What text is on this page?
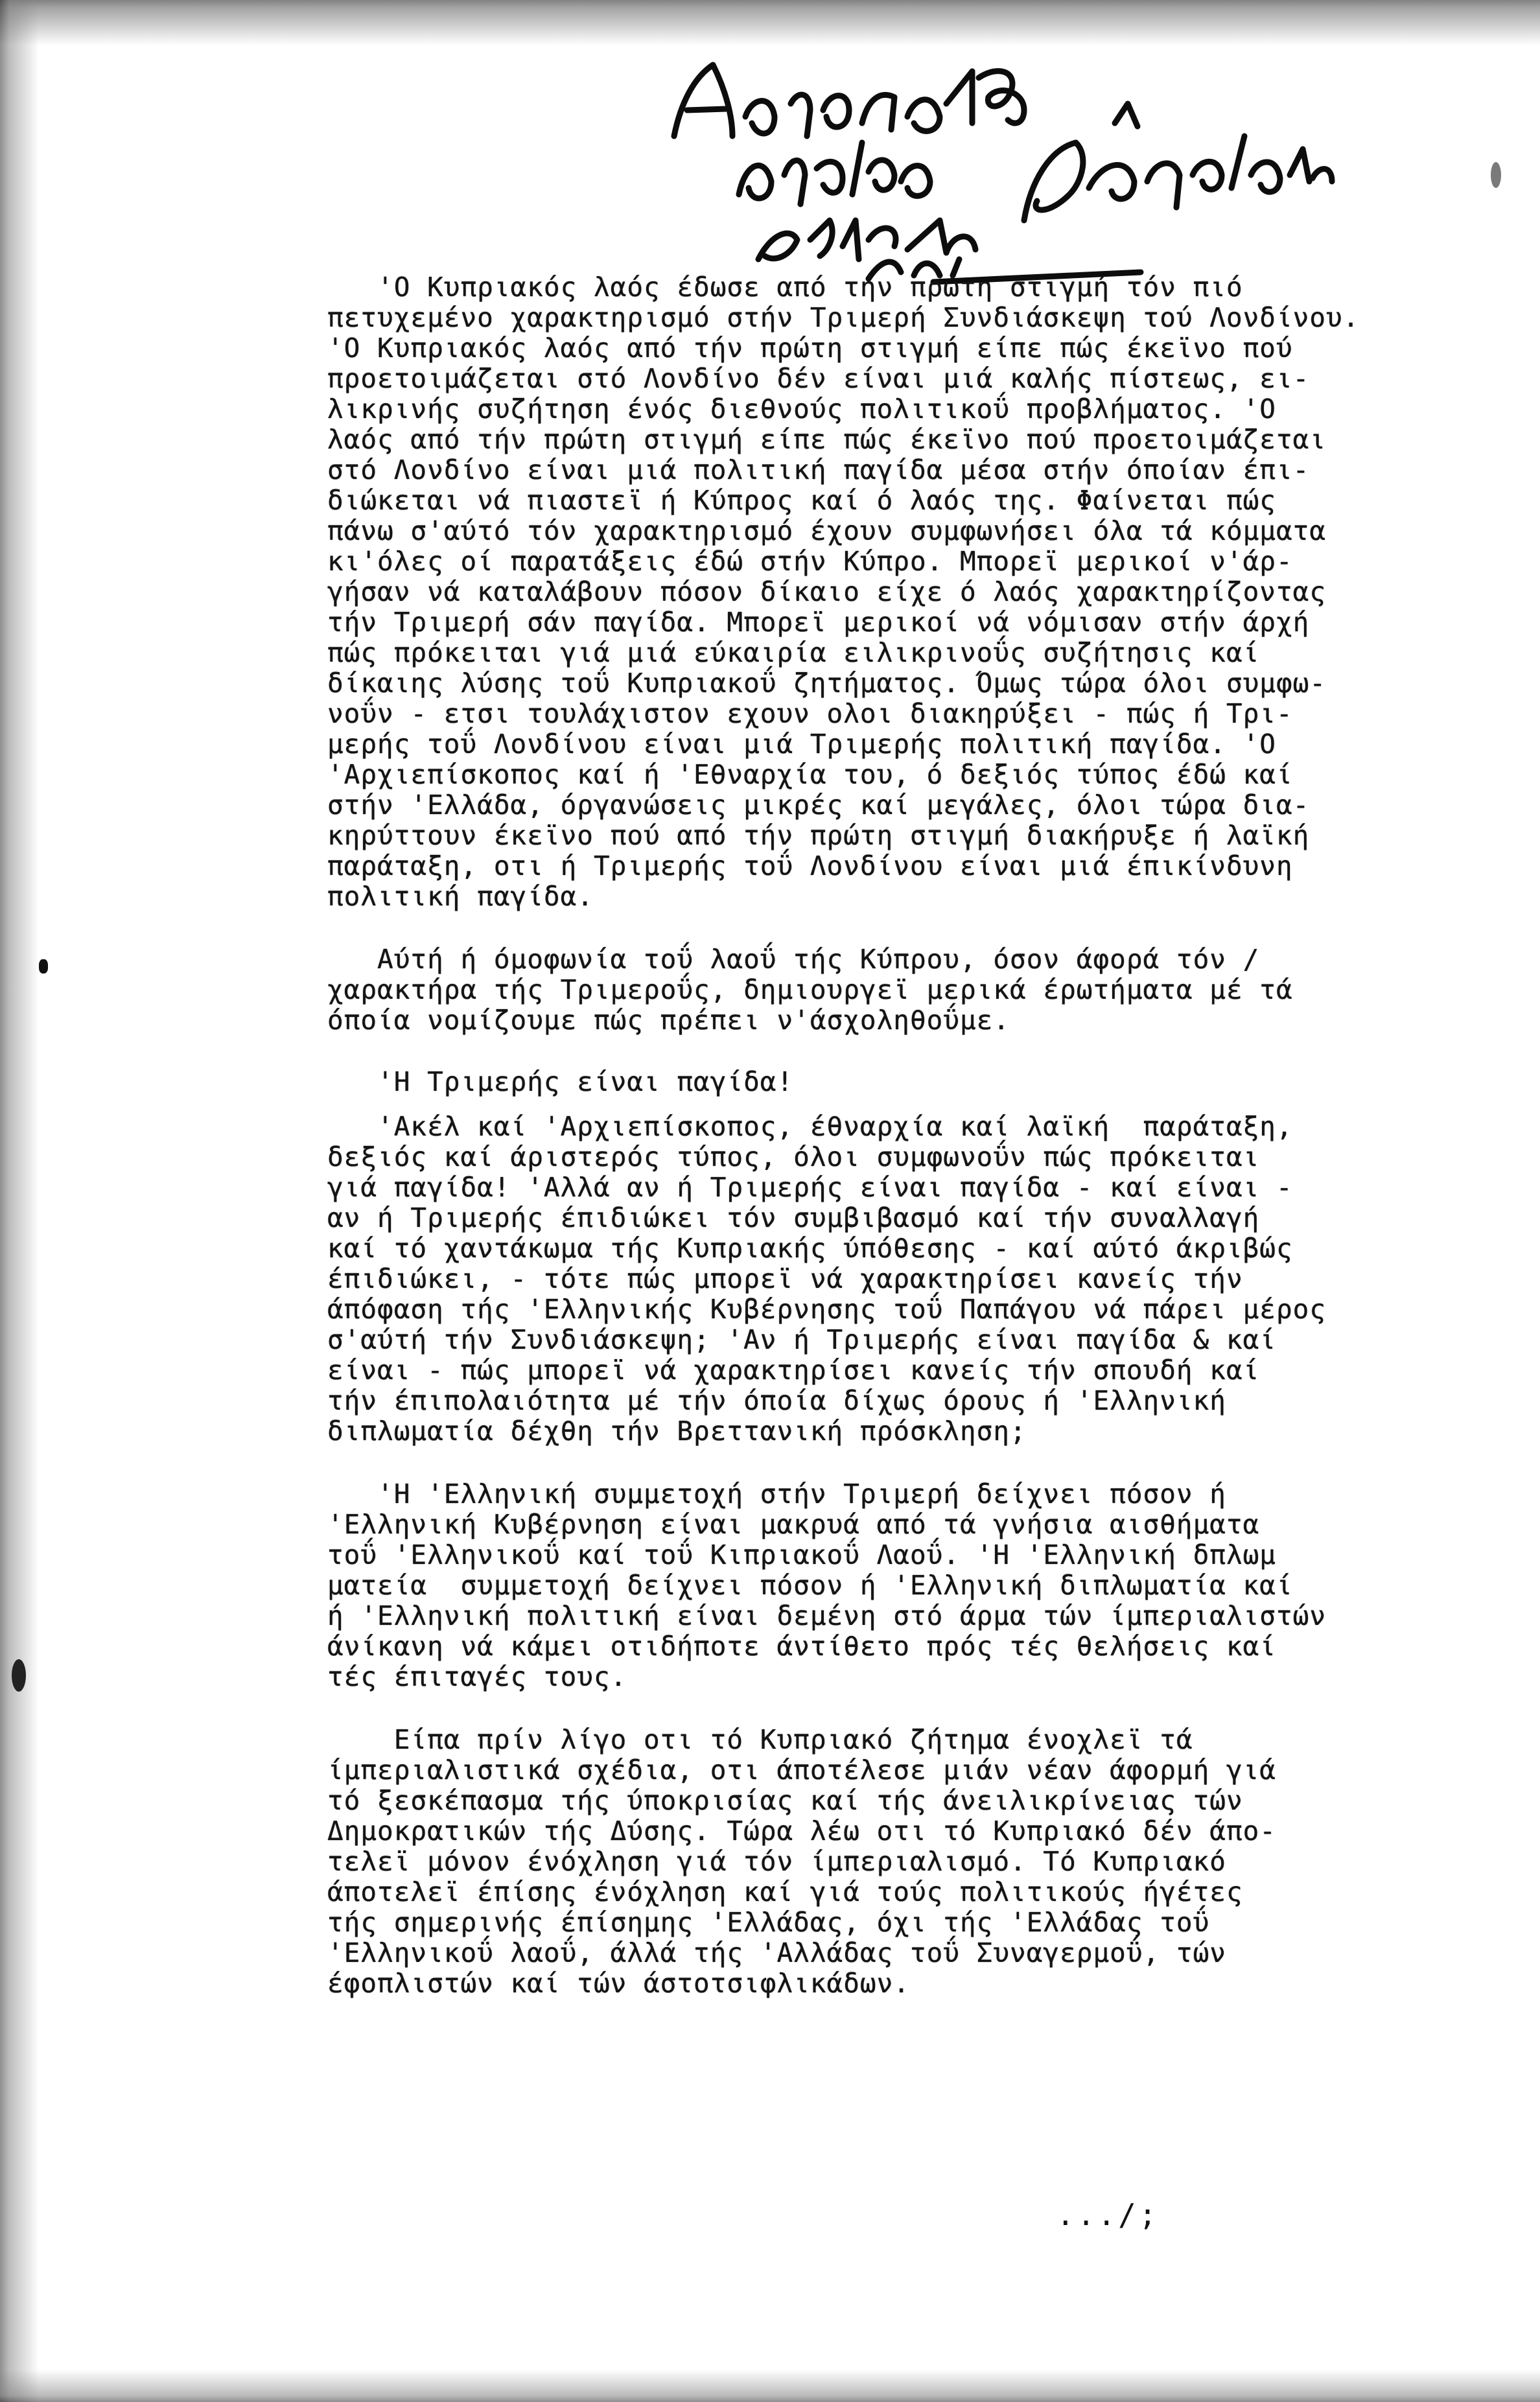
'Ο Κυπριακός λαός έδωσε από τήν πρώτη στιγμή τόν πιό
πετυχεμένο χαρακτηρισμό στήν Τριμερή Συνδιάσκεψη τού Λονδίνου.
'Ο Κυπριακός λαός από τήν πρώτη στιγμή είπε πώς έκεϊνο πού
προετοιμάζεται στό Λονδίνο δέν είναι μιά καλής πίστεως, ει-
λικρινής συζήτηση ένός διεθνούς πολιτικοΰ προβλήματος. 'Ο
λαός από τήν πρώτη στιγμή είπε πώς έκεϊνο πού προετοιμάζεται
στό Λονδίνο είναι μιά πολιτική παγίδα μέσα στήν όποίαν έπι-
διώκεται νά πιαστεϊ ή Κύπρος καί ό λαός της. Φαίνεται πώς
πάνω σ'αύτό τόν χαρακτηρισμό έχουν συμφωνήσει όλα τά κόμματα
κι'όλες οί παρατάξεις έδώ στήν Κύπρο. Μπορεϊ μερικοί ν'άρ-
γήσαν νά καταλάβουν πόσον δίκαιο είχε ό λαός χαρακτηρίζοντας
τήν Τριμερή σάν παγίδα. Μπορεϊ μερικοί νά νόμισαν στήν άρχή
πώς πρόκειται γιά μιά εύκαιρία ειλικρινοΰς συζήτησις καί
δίκαιης λύσης τοΰ Κυπριακοΰ ζητήματος. Όμως τώρα όλοι συμφω-
νοΰν - ετσι τουλάχιστον εχουν ολοι διακηρύξει - πώς ή Τρι-
μερής τοΰ Λονδίνου είναι μιά Τριμερής πολιτική παγίδα. 'Ο
'Αρχιεπίσκοπος καί ή 'Εθναρχία του, ό δεξιός τύπος έδώ καί
στήν 'Ελλάδα, όργανώσεις μικρές καί μεγάλες, όλοι τώρα δια-
κηρύττουν έκεϊνο πού από τήν πρώτη στιγμή διακήρυξε ή λαϊκή
παράταξη, οτι ή Τριμερής τοΰ Λονδίνου είναι μιά έπικίνδυνη
πολιτική παγίδα.

Αύτή ή όμοφωνία τοΰ λαοΰ τής Κύπρου, όσον άφορά τόν /
χαρακτήρα τής Τριμεροΰς, δημιουργεϊ μερικά έρωτήματα μέ τά
όποία νομίζουμε πώς πρέπει ν'άσχοληθοΰμε.

'Η Τριμερής είναι παγίδα!

'Ακέλ καί 'Αρχιεπίσκοπος, έθναρχία καί λαϊκή  παράταξη,
δεξιός καί άριστερός τύπος, όλοι συμφωνοΰν πώς πρόκειται
γιά παγίδα! 'Αλλά αν ή Τριμερής είναι παγίδα - καί είναι -
αν ή Τριμερής έπιδιώκει τόν συμβιβασμό καί τήν συναλλαγή
καί τό χαντάκωμα τής Κυπριακής ύπόθεσης - καί αύτό άκριβώς
έπιδιώκει, - τότε πώς μπορεϊ νά χαρακτηρίσει κανείς τήν
άπόφαση τής 'Ελληνικής Κυβέρνησης τοΰ Παπάγου νά πάρει μέρος
σ'αύτή τήν Συνδιάσκεψη; 'Αν ή Τριμερής είναι παγίδα & καί
είναι - πώς μπορεϊ νά χαρακτηρίσει κανείς τήν σπουδή καί
τήν έπιπολαιότητα μέ τήν όποία δίχως όρους ή 'Ελληνική
διπλωματία δέχθη τήν Βρεττανική πρόσκληση;

'Η 'Ελληνική συμμετοχή στήν Τριμερή δείχνει πόσον ή
'Ελληνική Κυβέρνηση είναι μακρυά από τά γνήσια αισθήματα
τοΰ 'Ελληνικοΰ καί τοΰ Κιπριακοΰ Λαοΰ. 'Η 'Ελληνική δπλωμ
ματεία  συμμετοχή δείχνει πόσον ή 'Ελληνική διπλωματία καί
ή 'Ελληνική πολιτική είναι δεμένη στό άρμα τών ίμπεριαλιστών
άνίκανη νά κάμει οτιδήποτε άντίθετο πρός τές θελήσεις καί
τές έπιταγές τους.

Είπα πρίν λίγο οτι τό Κυπριακό ζήτημα ένοχλεϊ τά
ίμπεριαλιστικά σχέδια, οτι άποτέλεσε μιάν νέαν άφορμή γιά
τό ξεσκέπασμα τής ύποκρισίας καί τής άνειλικρίνειας τών
Δημοκρατικών τής Δύσης. Τώρα λέω οτι τό Κυπριακό δέν άπο-
τελεϊ μόνον ένόχληση γιά τόν ίμπεριαλισμό. Τό Κυπριακό
άποτελεϊ έπίσης ένόχληση καί γιά τούς πολιτικούς ήγέτες
τής σημερινής έπίσημης 'Ελλάδας, όχι τής 'Ελλάδας τοΰ
'Ελληνικοΰ λαοΰ, άλλά τής 'Αλλάδας τοΰ Συναγερμοΰ, τών
έφοπλιστών καί τών άστοτσιφλικάδων.

.../;
